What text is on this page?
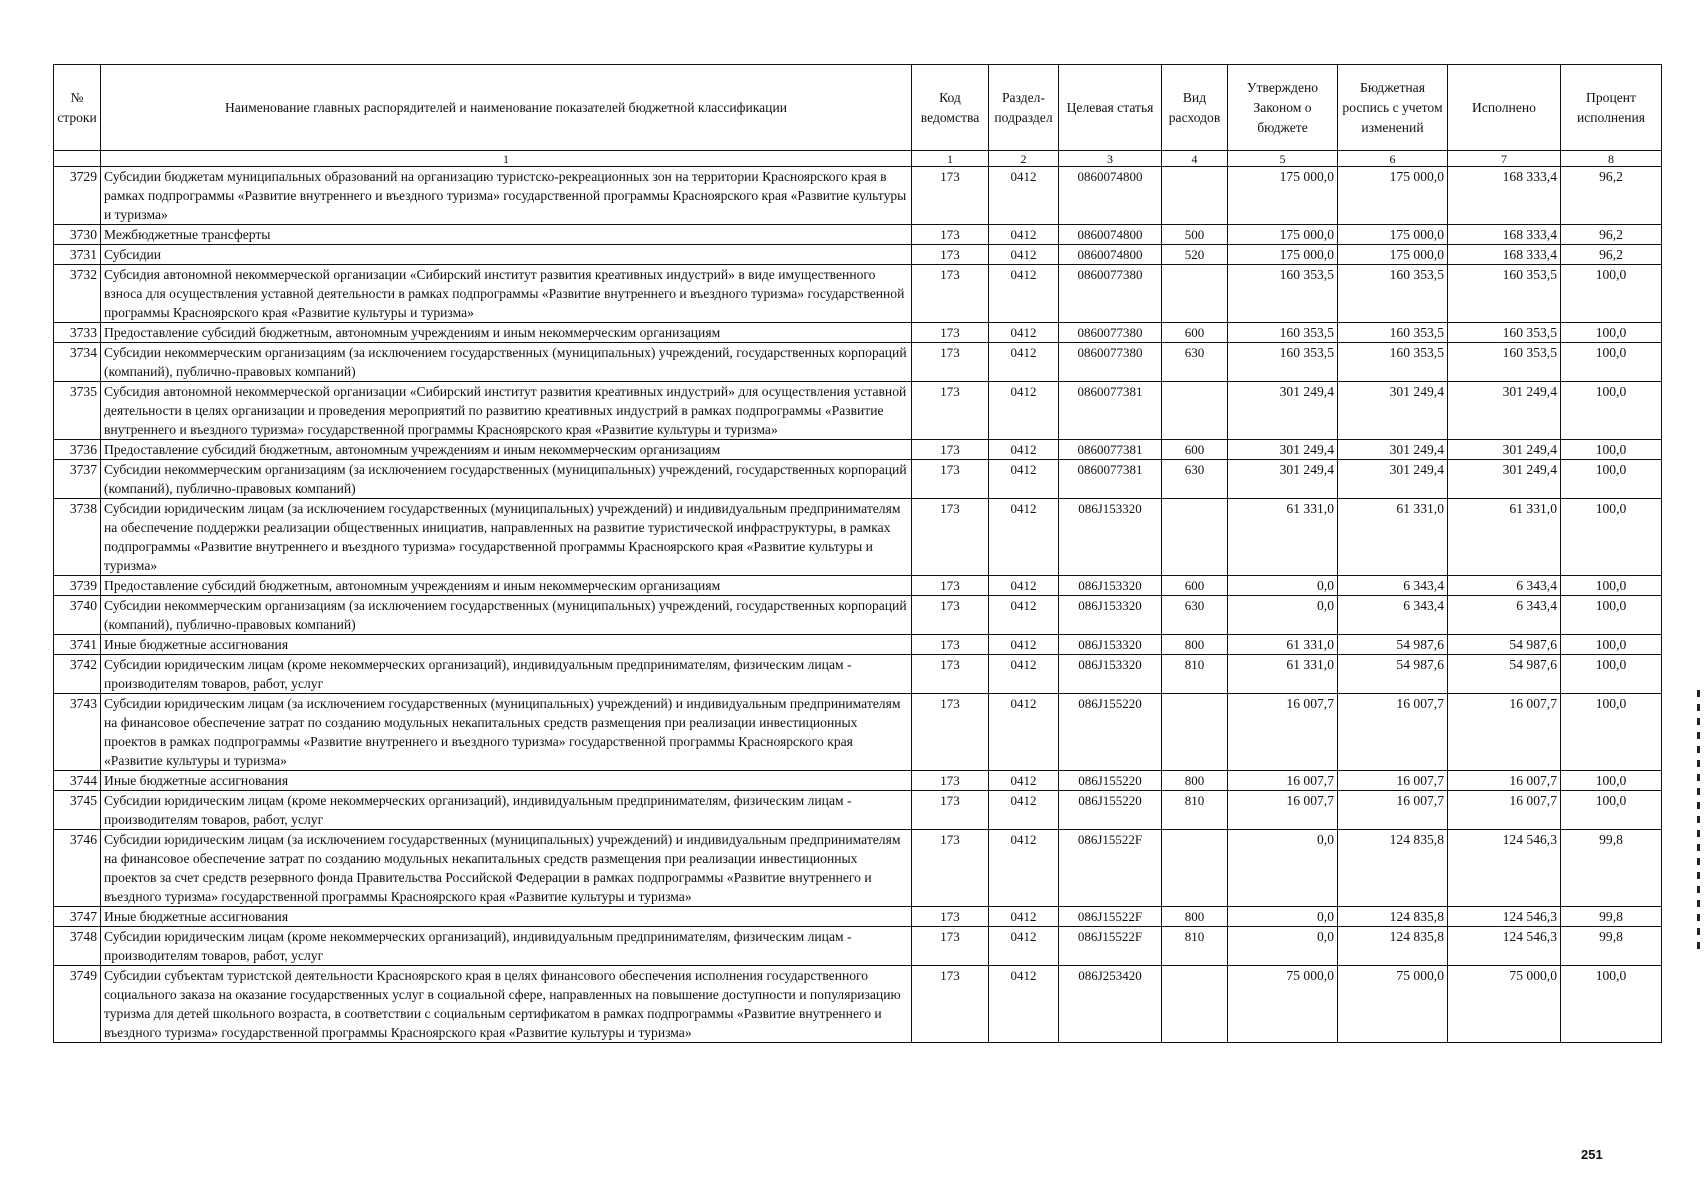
№ строки	Наименование главных распорядителей и наименование показателей бюджетной классификации	Код ведомства	Раздел-подраздел	Целевая статья	Вид расходов	Утверждено Законом о бюджете	Бюджетная роспись с учетом изменений	Исполнено	Процент исполнения
	1	1	2	3	4	5	6	7	8
3729	Субсидии бюджетам муниципальных образований на организацию туристско-рекреационных зон на территории Красноярского края в рамках подпрограммы «Развитие внутреннего и въездного туризма» государственной программы Красноярского края «Развитие культуры и туризма»	173	0412	0860074800		175 000,0	175 000,0	168 333,4	96,2
3730	Межбюджетные трансферты	173	0412	0860074800	500	175 000,0	175 000,0	168 333,4	96,2
3731	Субсидии	173	0412	0860074800	520	175 000,0	175 000,0	168 333,4	96,2
3732	Субсидия автономной некоммерческой организации «Сибирский институт развития креативных индустрий» в виде имущественного взноса для осуществления уставной деятельности в рамках подпрограммы «Развитие внутреннего и въездного туризма» государственной программы Красноярского края «Развитие культуры и туризма»	173	0412	0860077380		160 353,5	160 353,5	160 353,5	100,0
3733	Предоставление субсидий бюджетным, автономным учреждениям и иным некоммерческим организациям	173	0412	0860077380	600	160 353,5	160 353,5	160 353,5	100,0
3734	Субсидии некоммерческим организациям (за исключением государственных (муниципальных) учреждений, государственных корпораций (компаний), публично-правовых компаний)	173	0412	0860077380	630	160 353,5	160 353,5	160 353,5	100,0
3735	Субсидия автономной некоммерческой организации «Сибирский институт развития креативных индустрий» для осуществления уставной деятельности в целях организации и проведения мероприятий по развитию креативных индустрий в рамках подпрограммы «Развитие внутреннего и въездного туризма» государственной программы Красноярского края «Развитие культуры и туризма»	173	0412	0860077381		301 249,4	301 249,4	301 249,4	100,0
3736	Предоставление субсидий бюджетным, автономным учреждениям и иным некоммерческим организациям	173	0412	0860077381	600	301 249,4	301 249,4	301 249,4	100,0
3737	Субсидии некоммерческим организациям (за исключением государственных (муниципальных) учреждений, государственных корпораций (компаний), публично-правовых компаний)	173	0412	0860077381	630	301 249,4	301 249,4	301 249,4	100,0
3738	Субсидии юридическим лицам (за исключением государственных (муниципальных) учреждений) и индивидуальным предпринимателям на обеспечение поддержки реализации общественных инициатив, направленных на развитие туристической инфраструктуры, в рамках подпрограммы «Развитие внутреннего и въездного туризма» государственной программы Красноярского края «Развитие культуры и туризма»	173	0412	086J153320		61 331,0	61 331,0	61 331,0	100,0
3739	Предоставление субсидий бюджетным, автономным учреждениям и иным некоммерческим организациям	173	0412	086J153320	600	0,0	6 343,4	6 343,4	100,0
3740	Субсидии некоммерческим организациям (за исключением государственных (муниципальных) учреждений, государственных корпораций (компаний), публично-правовых компаний)	173	0412	086J153320	630	0,0	6 343,4	6 343,4	100,0
3741	Иные бюджетные ассигнования	173	0412	086J153320	800	61 331,0	54 987,6	54 987,6	100,0
3742	Субсидии юридическим лицам (кроме некоммерческих организаций), индивидуальным предпринимателям, физическим лицам - производителям товаров, работ, услуг	173	0412	086J153320	810	61 331,0	54 987,6	54 987,6	100,0
3743	Субсидии юридическим лицам (за исключением государственных (муниципальных) учреждений) и индивидуальным предпринимателям на финансовое обеспечение затрат по созданию модульных некапитальных средств размещения при реализации инвестиционных проектов в рамках подпрограммы «Развитие внутреннего и въездного туризма» государственной программы Красноярского края «Развитие культуры и туризма»	173	0412	086J155220		16 007,7	16 007,7	16 007,7	100,0
3744	Иные бюджетные ассигнования	173	0412	086J155220	800	16 007,7	16 007,7	16 007,7	100,0
3745	Субсидии юридическим лицам (кроме некоммерческих организаций), индивидуальным предпринимателям, физическим лицам - производителям товаров, работ, услуг	173	0412	086J155220	810	16 007,7	16 007,7	16 007,7	100,0
3746	Субсидии юридическим лицам (за исключением государственных (муниципальных) учреждений) и индивидуальным предпринимателям на финансовое обеспечение затрат по созданию модульных некапитальных средств размещения при реализации инвестиционных проектов за счет средств резервного фонда Правительства Российской Федерации в рамках подпрограммы «Развитие внутреннего и въездного туризма» государственной программы Красноярского края «Развитие культуры и туризма»	173	0412	086J15522F		0,0	124 835,8	124 546,3	99,8
3747	Иные бюджетные ассигнования	173	0412	086J15522F	800	0,0	124 835,8	124 546,3	99,8
3748	Субсидии юридическим лицам (кроме некоммерческих организаций), индивидуальным предпринимателям, физическим лицам - производителям товаров, работ, услуг	173	0412	086J15522F	810	0,0	124 835,8	124 546,3	99,8
3749	Субсидии субъектам туристской деятельности Красноярского края в целях финансового обеспечения исполнения государственного социального заказа на оказание государственных услуг в социальной сфере, направленных на повышение доступности и популяризацию туризма для детей школьного возраста, в соответствии с социальным сертификатом в рамках подпрограммы «Развитие внутреннего и въездного туризма» государственной программы Красноярского края «Развитие культуры и туризма»	173	0412	086J253420		75 000,0	75 000,0	75 000,0	100,0
251
